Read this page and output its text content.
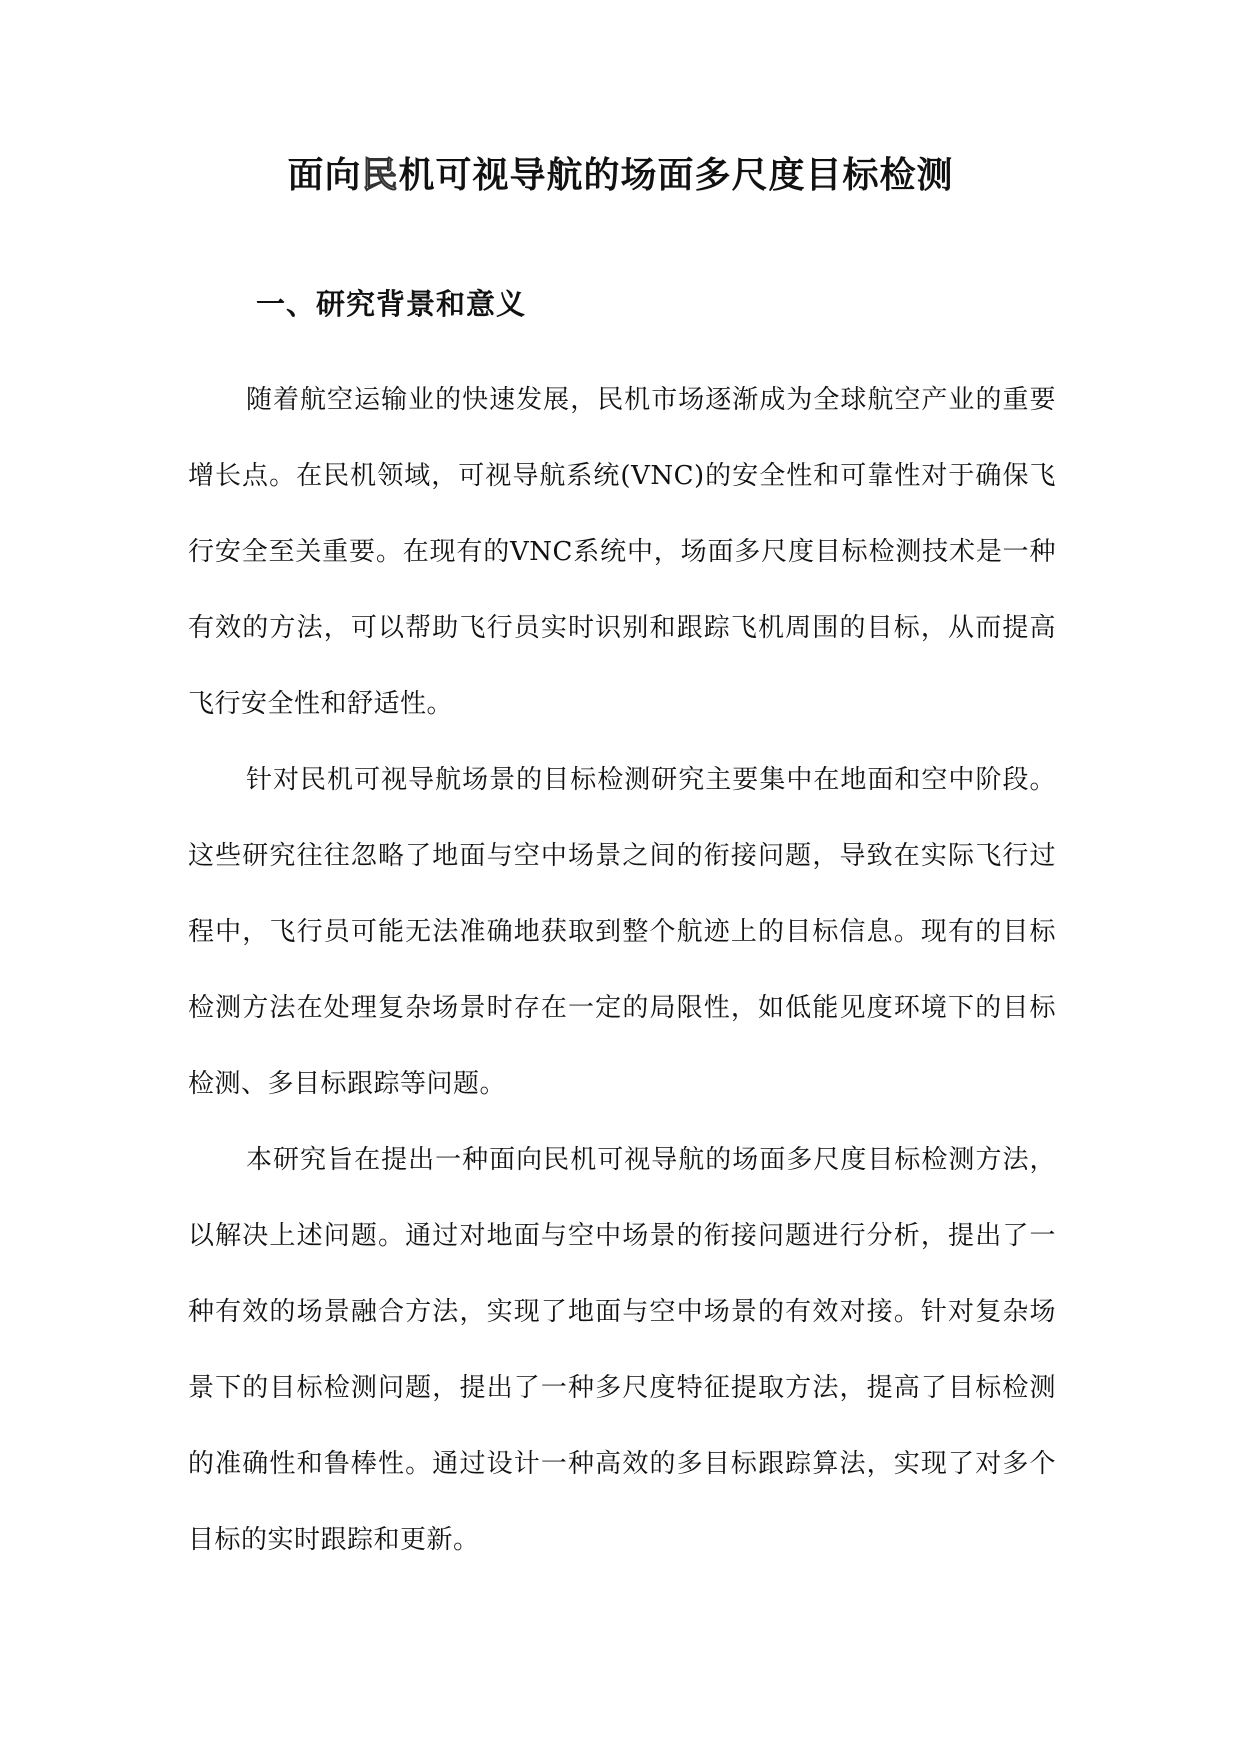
面向民机可视导航的场面多尺度目标检测
一、研究背景和意义

随着航空运输业的快速发展，民机市场逐渐成为全球航空产业的重要增长点。在民机领域，可视导航系统(VNC)的安全性和可靠性对于确保飞行安全至关重要。在现有的VNC系统中，场面多尺度目标检测技术是一种有效的方法，可以帮助飞行员实时识别和跟踪飞机周围的目标，从而提高飞行安全性和舒适性。

针对民机可视导航场景的目标检测研究主要集中在地面和空中阶段。这些研究往往忽略了地面与空中场景之间的衔接问题，导致在实际飞行过程中，飞行员可能无法准确地获取到整个航迹上的目标信息。现有的目标检测方法在处理复杂场景时存在一定的局限性，如低能见度环境下的目标检测、多目标跟踪等问题。

本研究旨在提出一种面向民机可视导航的场面多尺度目标检测方法，以解决上述问题。通过对地面与空中场景的衔接问题进行分析，提出了一种有效的场景融合方法，实现了地面与空中场景的有效对接。针对复杂场景下的目标检测问题，提出了一种多尺度特征提取方法，提高了目标检测的准确性和鲁棒性。通过设计一种高效的多目标跟踪算法，实现了对多个目标的实时跟踪和更新。
